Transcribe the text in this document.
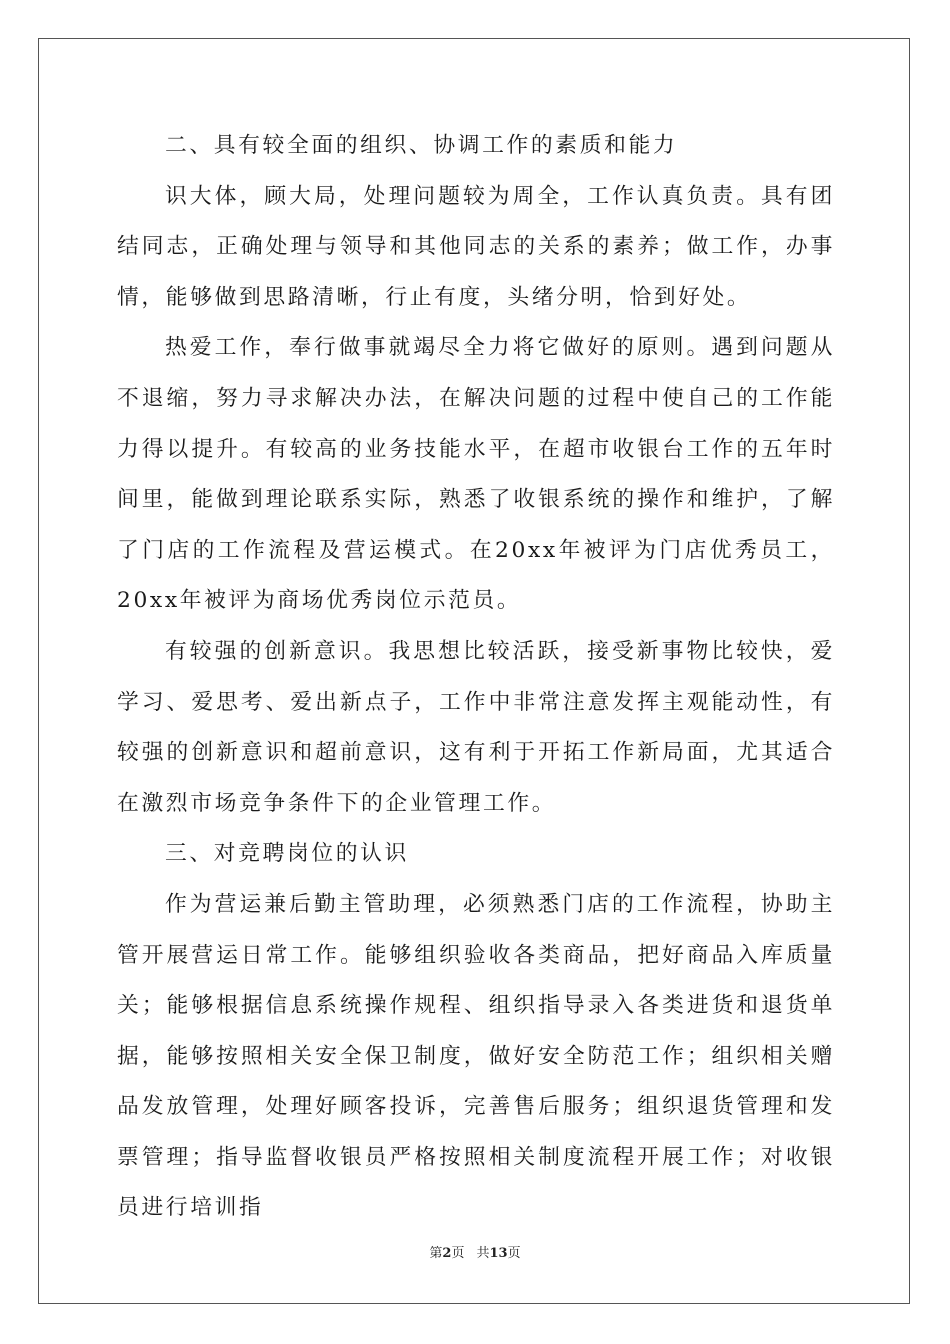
二、具有较全面的组织、协调工作的素质和能力

识大体，顾大局，处理问题较为周全，工作认真负责。具有团结同志，正确处理与领导和其他同志的关系的素养；做工作，办事情，能够做到思路清晰，行止有度，头绪分明，恰到好处。

热爱工作，奉行做事就竭尽全力将它做好的原则。遇到问题从不退缩，努力寻求解决办法，在解决问题的过程中使自己的工作能力得以提升。有较高的业务技能水平，在超市收银台工作的五年时间里，能做到理论联系实际，熟悉了收银系统的操作和维护，了解了门店的工作流程及营运模式。在20xx年被评为门店优秀员工，20xx年被评为商场优秀岗位示范员。

有较强的创新意识。我思想比较活跃，接受新事物比较快，爱学习、爱思考、爱出新点子，工作中非常注意发挥主观能动性，有较强的创新意识和超前意识，这有利于开拓工作新局面，尤其适合在激烈市场竞争条件下的企业管理工作。

三、对竞聘岗位的认识

作为营运兼后勤主管助理，必须熟悉门店的工作流程，协助主管开展营运日常工作。能够组织验收各类商品，把好商品入库质量关；能够根据信息系统操作规程、组织指导录入各类进货和退货单据，能够按照相关安全保卫制度，做好安全防范工作；组织相关赠品发放管理，处理好顾客投诉，完善售后服务；组织退货管理和发票管理；指导监督收银员严格按照相关制度流程开展工作；对收银员进行培训指

第2页 共13页
